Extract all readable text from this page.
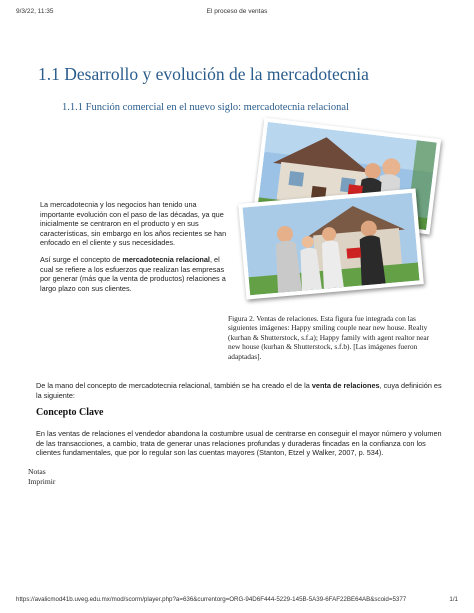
9/3/22, 11:35	El proceso de ventas
1.1 Desarrollo y evolución de la mercadotecnia
1.1.1 Función comercial en el nuevo siglo: mercadotecnia relacional

La mercadotecnia y los negocios han tenido una importante evolución con el paso de las décadas, ya que inicialmente se centraron en el producto y en sus características, sin embargo en los años recientes se han enfocado en el cliente y sus necesidades.

Así surge el concepto de mercadotecnia relacional, el cual se refiere a los esfuerzos que realizan las empresas por generar (más que la venta de productos) relaciones a largo plazo con sus clientes.

Figura 2. Ventas de relaciones. Esta figura fue integrada con las siguientes imágenes: Happy smiling couple near new house. Realty (kurhan & Shutterstock, s.f.a); Happy family with agent realtor near new house (kurhan & Shutterstock, s.f.b). [Las imágenes fueron adaptadas].

De la mano del concepto de mercadotecnia relacional, también se ha creado el de la venta de relaciones, cuya definición es la siguiente:

Concepto Clave

En las ventas de relaciones el vendedor abandona la costumbre usual de centrarse en conseguir el mayor número y volumen de las transacciones, a cambio, trata de generar unas relaciones profundas y duraderas fincadas en la confianza con los clientes fundamentales, que por lo regular son las cuentas mayores (Stanton, Etzel y Walker, 2007, p. 534).

Notas
Imprimir
https://avalicmod41b.uveg.edu.mx/mod/scorm/player.php?a=636&currentorg=ORG-94D6F444-5229-145B-5A39-6FAF22BE64AB&scoid=5377	1/1
